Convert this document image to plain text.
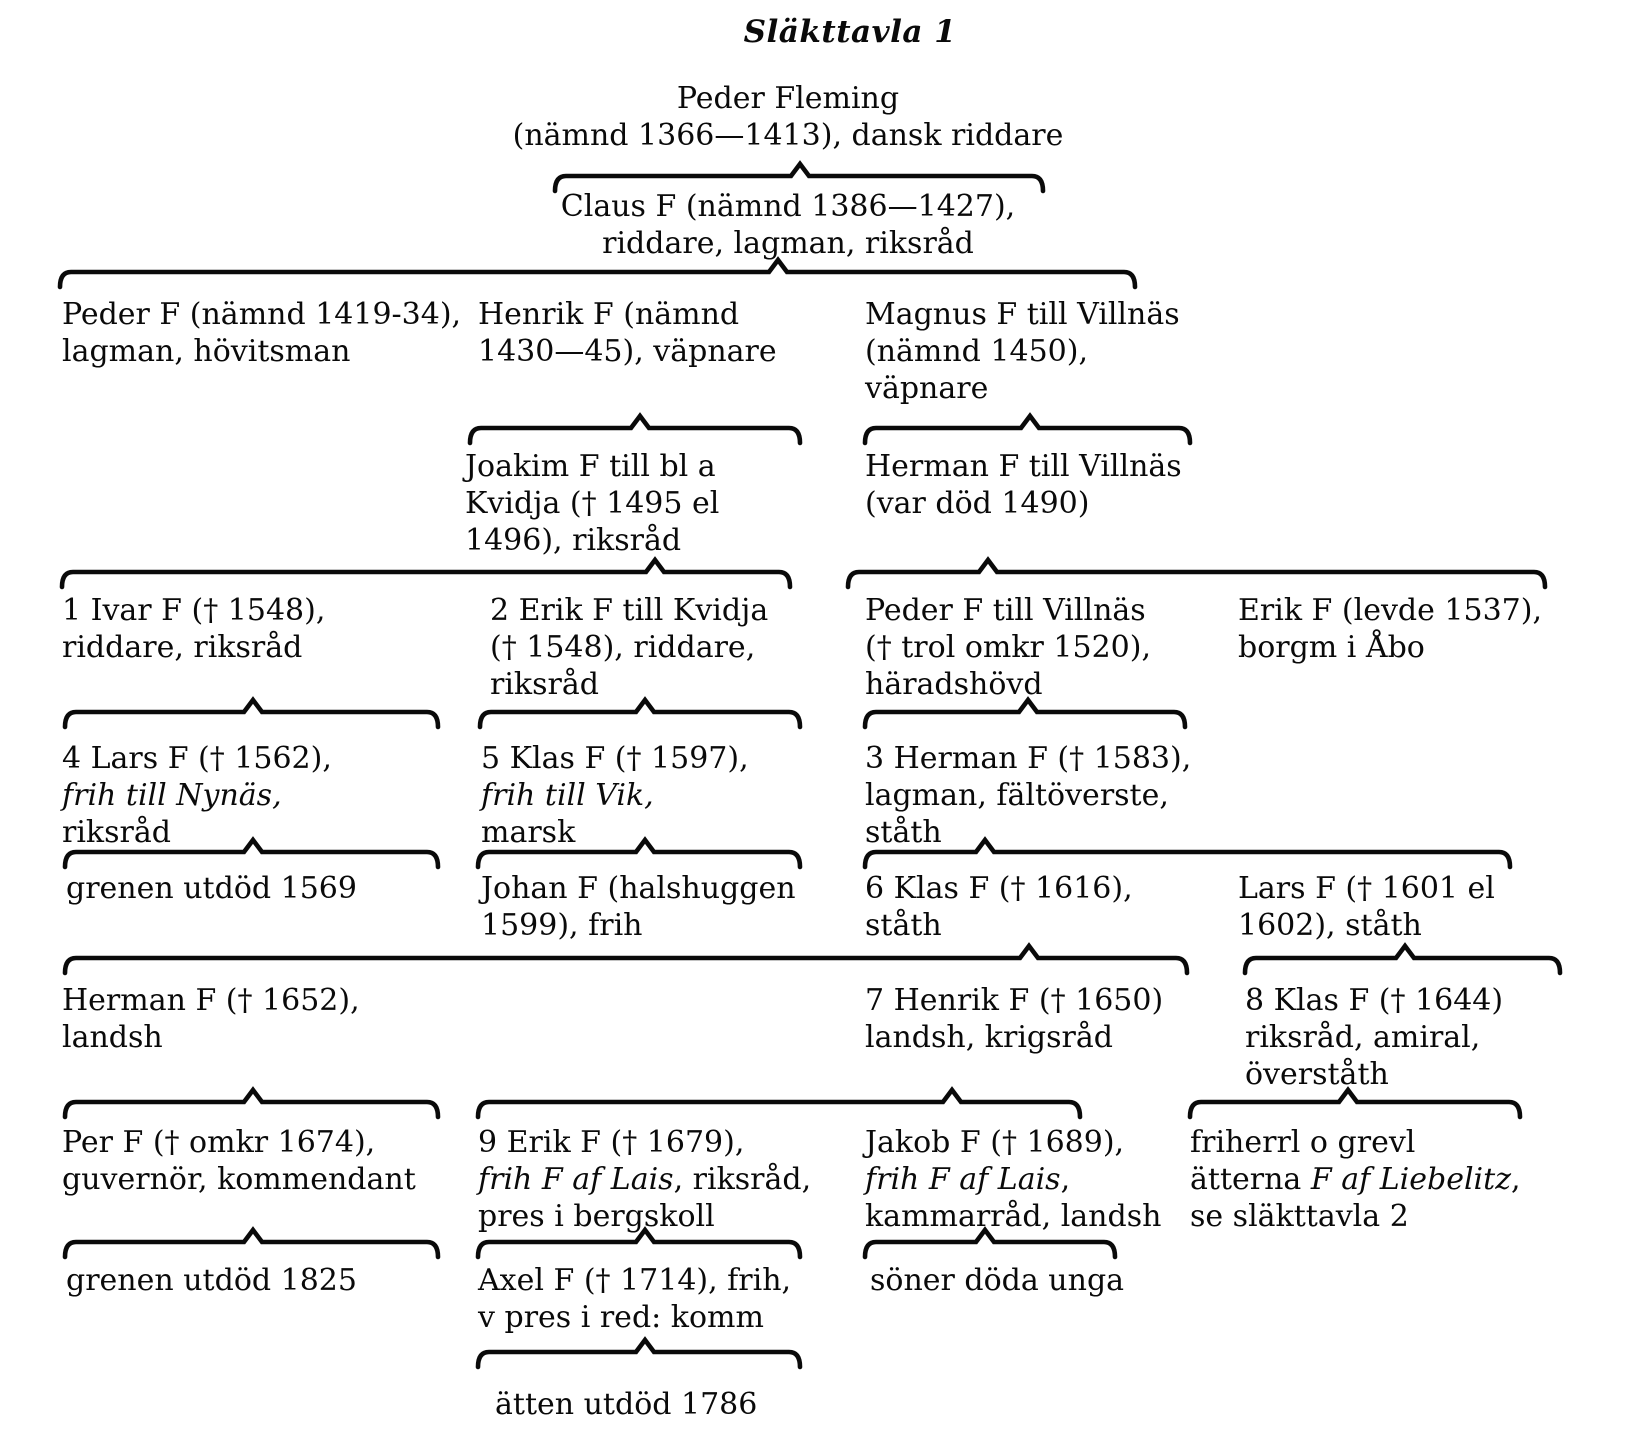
Släkttavla 1
Peder Fleming
(nämnd 1366—1413), dansk riddare
Claus F (nämnd 1386—1427),
riddare, lagman, riksråd
Peder F (nämnd 1419-34),
lagman, hövitsman
Henrik F (nämnd
1430—45), väpnare
Magnus F till Villnäs
(nämnd 1450),
väpnare
Joakim F till bl a
Kvidja († 1495 el
1496), riksråd
Herman F till Villnäs
(var död 1490)
1 Ivar F († 1548),
riddare, riksråd
2 Erik F till Kvidja
(† 1548), riddare,
riksråd
Peder F till Villnäs
(† trol omkr 1520),
häradshövd
Erik F (levde 1537),
borgm i Åbo
4 Lars F († 1562),
frih till Nynäs,
riksråd
5 Klas F († 1597),
frih till Vik,
marsk
3 Herman F († 1583),
lagman, fältöverste,
ståth
grenen utdöd 1569	Johan F (halshuggen
1599), frih
6 Klas F († 1616),
ståth
Lars F († 1601 el
1602), ståth
Herman F († 1652),
landsh
7 Henrik F († 1650)
landsh, krigsråd
8 Klas F († 1644)
riksråd, amiral,
överståth
Per F († omkr 1674),
guvernör, kommendant
9 Erik F († 1679),
frih F af Lais, riksråd,
pres i bergskoll
Jakob F († 1689),
frih F af Lais,
kammarråd, landsh
friherrl o grevl
ätterna F af Liebelitz,
se släkttavla 2
grenen utdöd 1825	Axel F († 1714), frih,
v pres i red: komm
söner döda unga
ätten utdöd 1786
